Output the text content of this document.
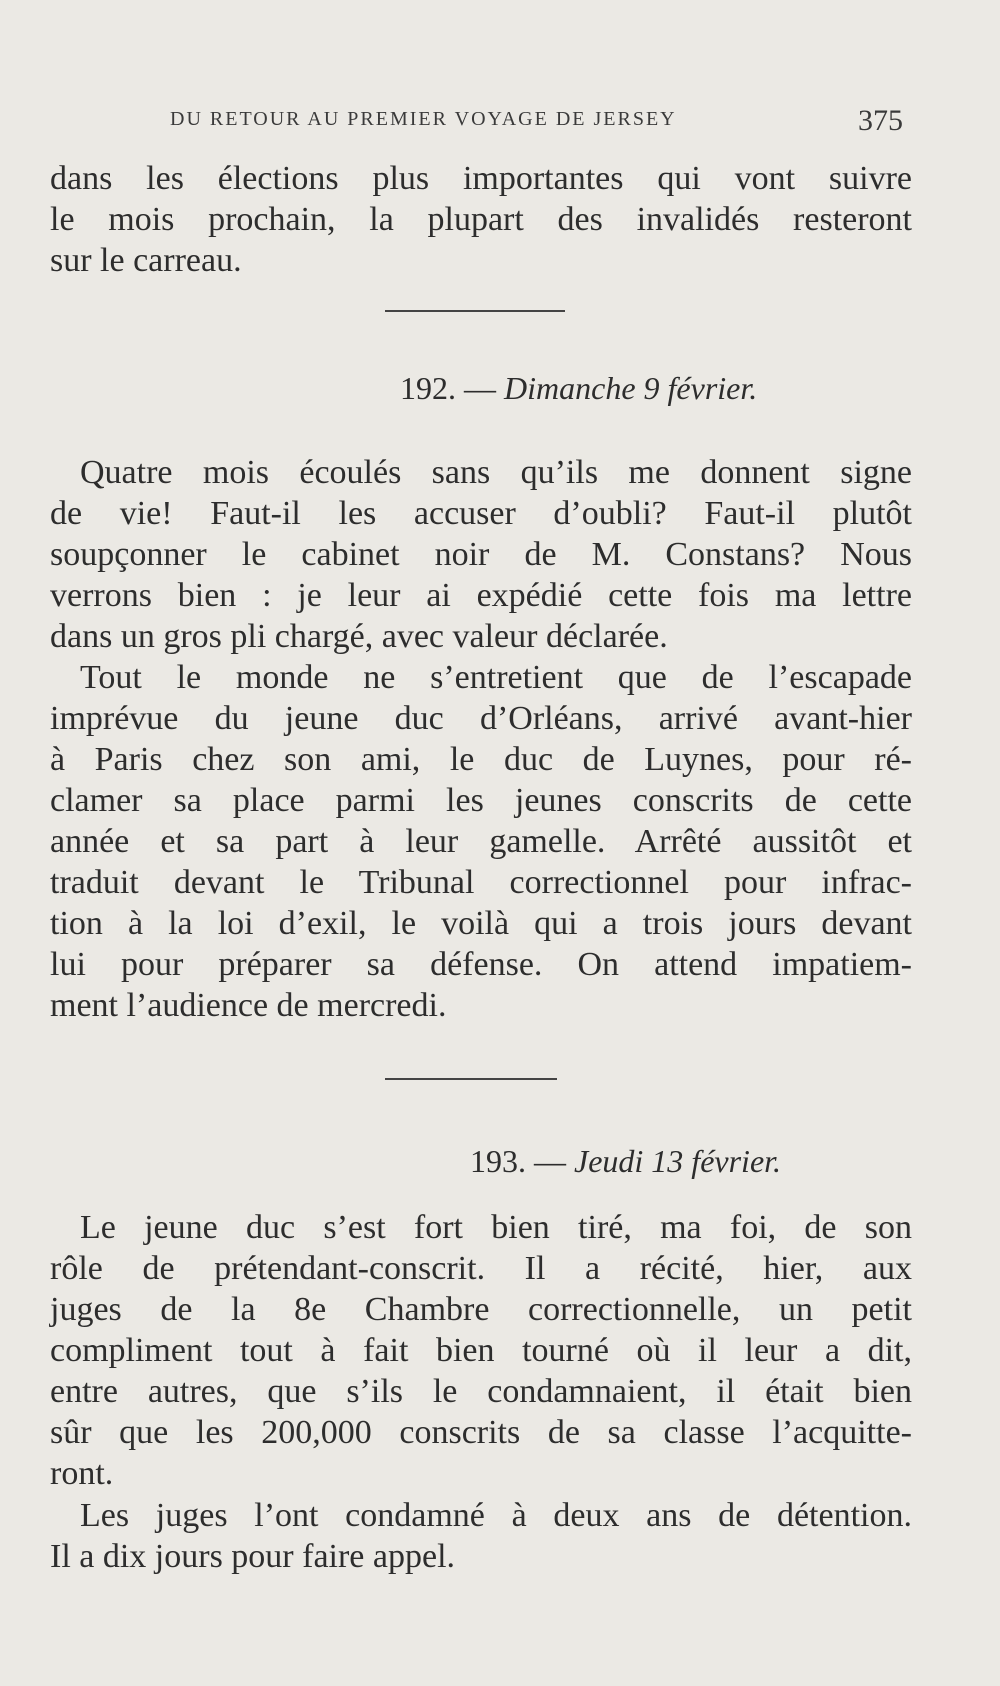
DU RETOUR AU PREMIER VOYAGE DE JERSEY	375
dans les élections plus importantes qui vont suivre
le mois prochain, la plupart des invalidés resteront
sur le carreau.
192. — Dimanche 9 février.
Quatre mois écoulés sans qu’ils me donnent signe
de vie! Faut-il les accuser d’oubli? Faut-il plutôt
soupçonner le cabinet noir de M. Constans? Nous
verrons bien : je leur ai expédié cette fois ma lettre
dans un gros pli chargé, avec valeur déclarée.
Tout le monde ne s’entretient que de l’escapade
imprévue du jeune duc d’Orléans, arrivé avant-hier
à Paris chez son ami, le duc de Luynes, pour ré-
clamer sa place parmi les jeunes conscrits de cette
année et sa part à leur gamelle. Arrêté aussitôt et
traduit devant le Tribunal correctionnel pour infrac-
tion à la loi d’exil, le voilà qui a trois jours devant
lui pour préparer sa défense. On attend impatiem-
ment l’audience de mercredi.
193. — Jeudi 13 février.
Le jeune duc s’est fort bien tiré, ma foi, de son
rôle de prétendant-conscrit. Il a récité, hier, aux
juges de la 8e Chambre correctionnelle, un petit
compliment tout à fait bien tourné où il leur a dit,
entre autres, que s’ils le condamnaient, il était bien
sûr que les 200,000 conscrits de sa classe l’acquitte-
ront.
Les juges l’ont condamné à deux ans de détention.
Il a dix jours pour faire appel.
